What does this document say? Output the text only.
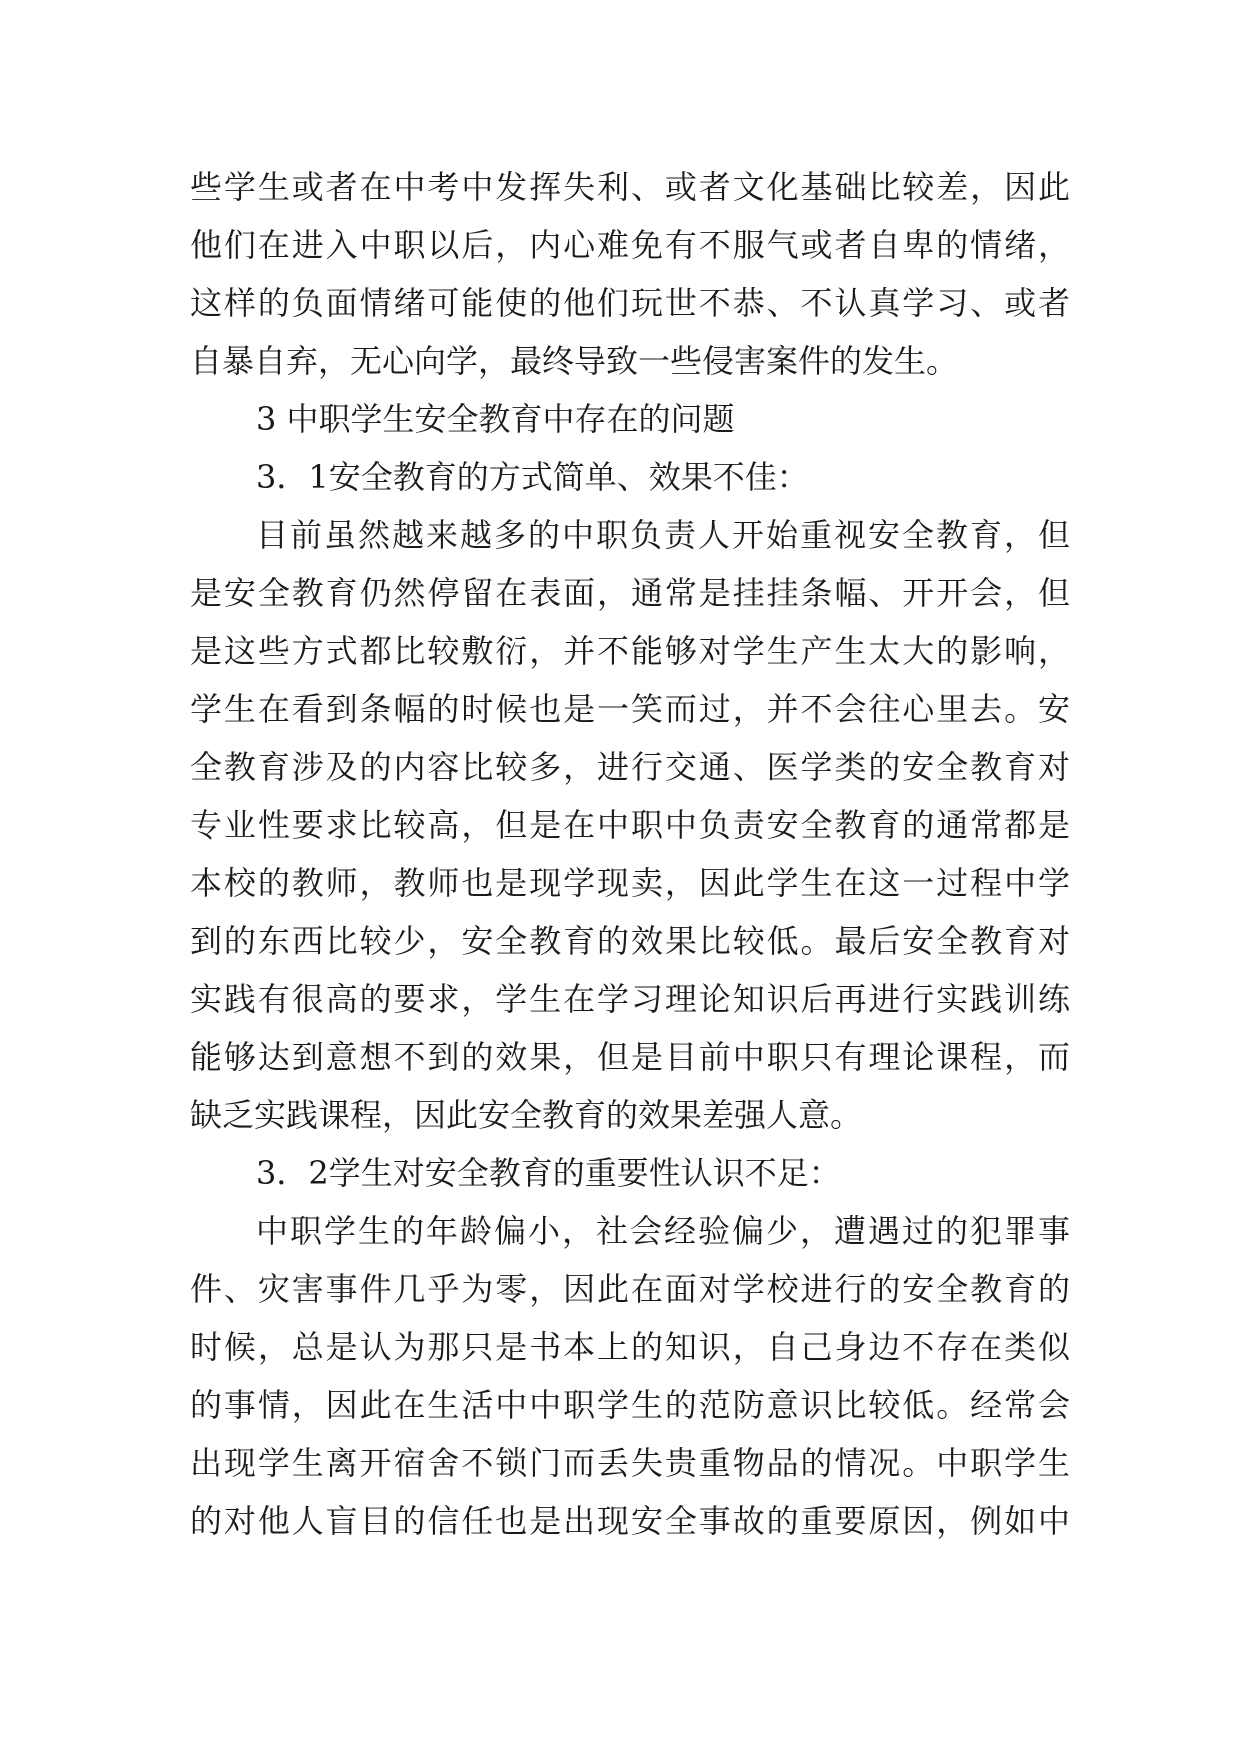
些学生或者在中考中发挥失利、或者文化基础比较差，因此
他们在进入中职以后，内心难免有不服气或者自卑的情绪，
这样的负面情绪可能使的他们玩世不恭、不认真学习、或者
自暴自弃，无心向学，最终导致一些侵害案件的发生。
3 中职学生安全教育中存在的问题
3．1安全教育的方式简单、效果不佳：
目前虽然越来越多的中职负责人开始重视安全教育，但
是安全教育仍然停留在表面，通常是挂挂条幅、开开会，但
是这些方式都比较敷衍，并不能够对学生产生太大的影响，
学生在看到条幅的时候也是一笑而过，并不会往心里去。安
全教育涉及的内容比较多，进行交通、医学类的安全教育对
专业性要求比较高，但是在中职中负责安全教育的通常都是
本校的教师，教师也是现学现卖，因此学生在这一过程中学
到的东西比较少，安全教育的效果比较低。最后安全教育对
实践有很高的要求，学生在学习理论知识后再进行实践训练
能够达到意想不到的效果，但是目前中职只有理论课程，而
缺乏实践课程，因此安全教育的效果差强人意。
3．2学生对安全教育的重要性认识不足：
中职学生的年龄偏小，社会经验偏少，遭遇过的犯罪事
件、灾害事件几乎为零，因此在面对学校进行的安全教育的
时候，总是认为那只是书本上的知识，自己身边不存在类似
的事情，因此在生活中中职学生的范防意识比较低。经常会
出现学生离开宿舍不锁门而丢失贵重物品的情况。中职学生
的对他人盲目的信任也是出现安全事故的重要原因，例如中
